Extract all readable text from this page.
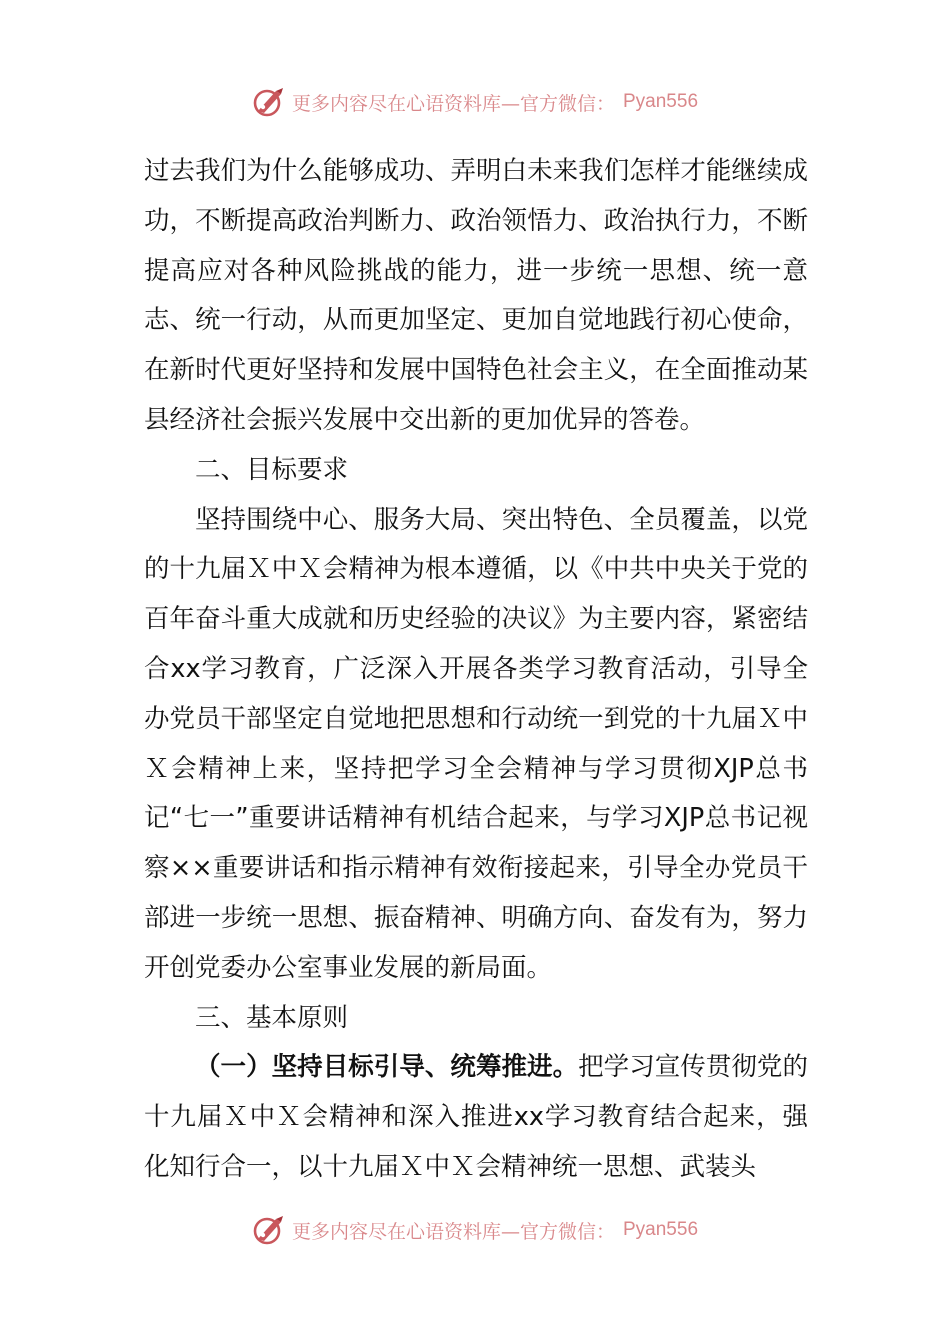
更多内容尽在心语资料库—官方微信： Pyan556

过去我们为什么能够成功、弄明白未来我们怎样才能继续成功，不断提高政治判断力、政治领悟力、政治执行力，不断提高应对各种风险挑战的能力，进一步统一思想、统一意志、统一行动，从而更加坚定、更加自觉地践行初心使命，在新时代更好坚持和发展中国特色社会主义，在全面推动某县经济社会振兴发展中交出新的更加优异的答卷。

二、目标要求

坚持围绕中心、服务大局、突出特色、全员覆盖，以党的十九届Ｘ中Ｘ会精神为根本遵循，以《中共中央关于党的百年奋斗重大成就和历史经验的决议》为主要内容，紧密结合xx学习教育，广泛深入开展各类学习教育活动，引导全办党员干部坚定自觉地把思想和行动统一到党的十九届Ｘ中Ｘ会精神上来，坚持把学习全会精神与学习贯彻XJP总书记“七一”重要讲话精神有机结合起来，与学习XJP总书记视察××重要讲话和指示精神有效衔接起来，引导全办党员干部进一步统一思想、振奋精神、明确方向、奋发有为，努力开创党委办公室事业发展的新局面。

三、基本原则

（一）坚持目标引导、统筹推进。把学习宣传贯彻党的十九届Ｘ中Ｘ会精神和深入推进xx学习教育结合起来，强化知行合一，以十九届Ｘ中Ｘ会精神统一思想、武装头

更多内容尽在心语资料库—官方微信： Pyan556
